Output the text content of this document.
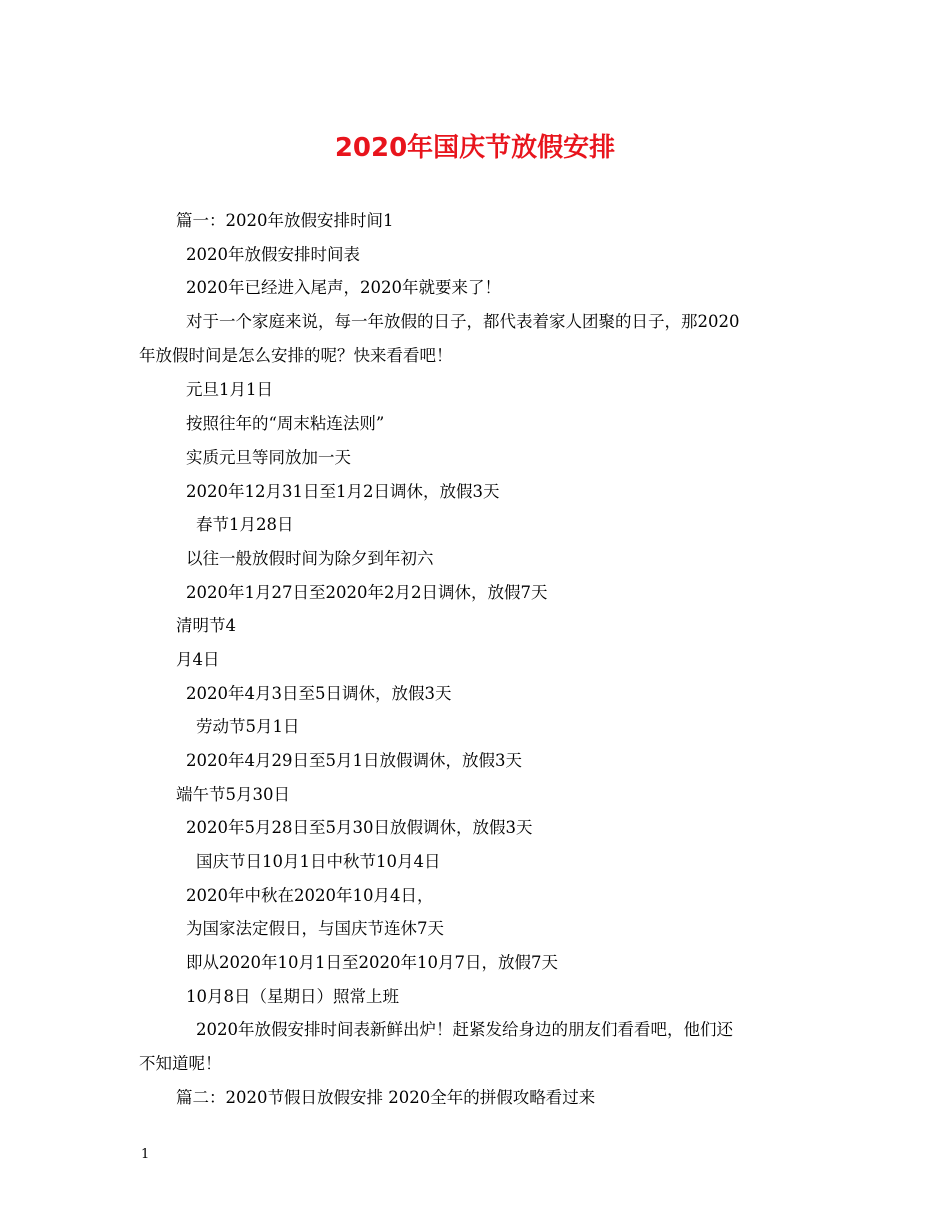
2020年国庆节放假安排
篇一：2020年放假安排时间1
2020年放假安排时间表
2020年已经进入尾声，2020年就要来了！
对于一个家庭来说，每一年放假的日子，都代表着家人团聚的日子，那2020
年放假时间是怎么安排的呢？快来看看吧！
元旦1月1日
按照往年的“周末粘连法则”
实质元旦等同放加一天
2020年12月31日至1月2日调休，放假3天
春节1月28日
以往一般放假时间为除夕到年初六
2020年1月27日至2020年2月2日调休，放假7天
清明节4
月4日
2020年4月3日至5日调休，放假3天
劳动节5月1日
2020年4月29日至5月1日放假调休，放假3天
端午节5月30日
2020年5月28日至5月30日放假调休，放假3天
国庆节日10月1日中秋节10月4日
2020年中秋在2020年10月4日，
为国家法定假日，与国庆节连休7天
即从2020年10月1日至2020年10月7日，放假7天
10月8日（星期日）照常上班
2020年放假安排时间表新鲜出炉！赶紧发给身边的朋友们看看吧，他们还
不知道呢！
篇二：2020节假日放假安排 2020全年的拼假攻略看过来
1
